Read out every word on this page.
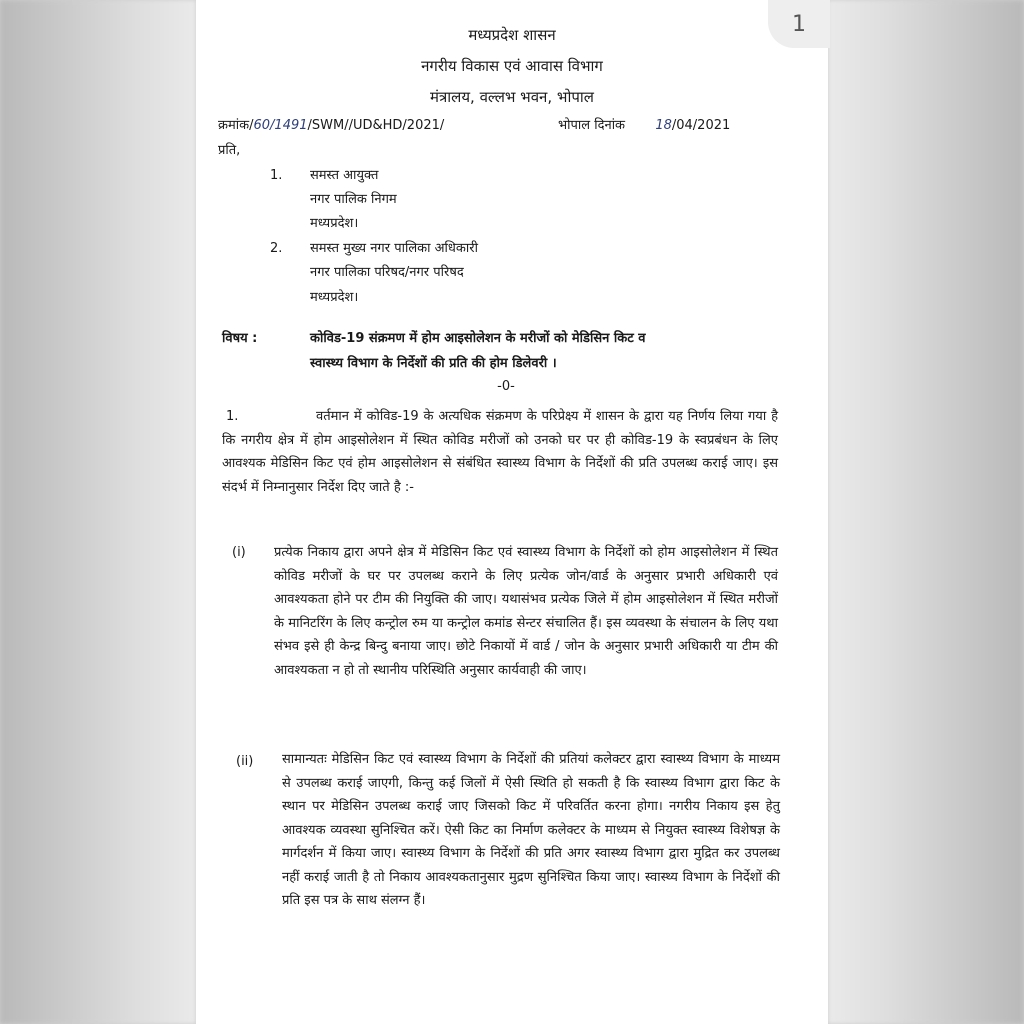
मध्यप्रदेश शासन
नगरीय विकास एवं आवास विभाग
मंत्रालय, वल्लभ भवन, भोपाल
क्रमांक/60/1491/SWM//UD&HD/2021/	भोपाल दिनांक 18/04/2021
प्रति,
1. समस्त आयुक्त
नगर पालिक निगम
मध्यप्रदेश।
2. समस्त मुख्य नगर पालिका अधिकारी
नगर पालिका परिषद/नगर परिषद
मध्यप्रदेश।
विषय :	कोविड-19 संक्रमण में होम आइसोलेशन के मरीजों को मेडिसिन किट व
स्वास्थ्य विभाग के निर्देशों की प्रति की होम डिलेवरी ।
-0-
1.	वर्तमान में कोविड-19 के अत्यधिक संक्रमण के परिप्रेक्ष्य में शासन के द्वारा यह निर्णय लिया गया है कि नगरीय क्षेत्र में होम आइसोलेशन में स्थित कोविड मरीजों को उनको घर पर ही कोविड-19 के स्वप्रबंधन के लिए आवश्यक मेडिसिन किट एवं होम आइसोलेशन से संबंधित स्वास्थ्य विभाग के निर्देशों की प्रति उपलब्ध कराई जाए। इस संदर्भ में निम्नानुसार निर्देश दिए जाते है :-
(i) प्रत्येक निकाय द्वारा अपने क्षेत्र में मेडिसिन किट एवं स्वास्थ्य विभाग के निर्देशों को होम आइसोलेशन में स्थित कोविड मरीजों के घर पर उपलब्ध कराने के लिए प्रत्येक जोन/वार्ड के अनुसार प्रभारी अधिकारी एवं आवश्यकता होने पर टीम की नियुक्ति की जाए। यथासंभव प्रत्येक जिले में होम आइसोलेशन में स्थित मरीजों के मानिटरिंग के लिए कन्ट्रोल रुम या कन्ट्रोल कमांड सेन्टर संचालित हैं। इस व्यवस्था के संचालन के लिए यथा संभव इसे ही केन्द्र बिन्दु बनाया जाए। छोटे निकायों में वार्ड / जोन के अनुसार प्रभारी अधिकारी या टीम की आवश्यकता न हो तो स्थानीय परिस्थिति अनुसार कार्यवाही की जाए।
(ii) सामान्यतः मेडिसिन किट एवं स्वास्थ्य विभाग के निर्देशों की प्रतियां कलेक्टर द्वारा स्वास्थ्य विभाग के माध्यम से उपलब्ध कराई जाएगी, किन्तु कई जिलों में ऐसी स्थिति हो सकती है कि स्वास्थ्य विभाग द्वारा किट के स्थान पर मेडिसिन उपलब्ध कराई जाए जिसको किट में परिवर्तित करना होगा। नगरीय निकाय इस हेतु आवश्यक व्यवस्था सुनिश्चित करें। ऐसी किट का निर्माण कलेक्टर के माध्यम से नियुक्त स्वास्थ्य विशेषज्ञ के मार्गदर्शन में किया जाए। स्वास्थ्य विभाग के निर्देशों की प्रति अगर स्वास्थ्य विभाग द्वारा मुद्रित कर उपलब्ध नहीं कराई जाती है तो निकाय आवश्यकतानुसार मुद्रण सुनिश्चित किया जाए। स्वास्थ्य विभाग के निर्देशों की प्रति इस पत्र के साथ संलग्न हैं।
1
